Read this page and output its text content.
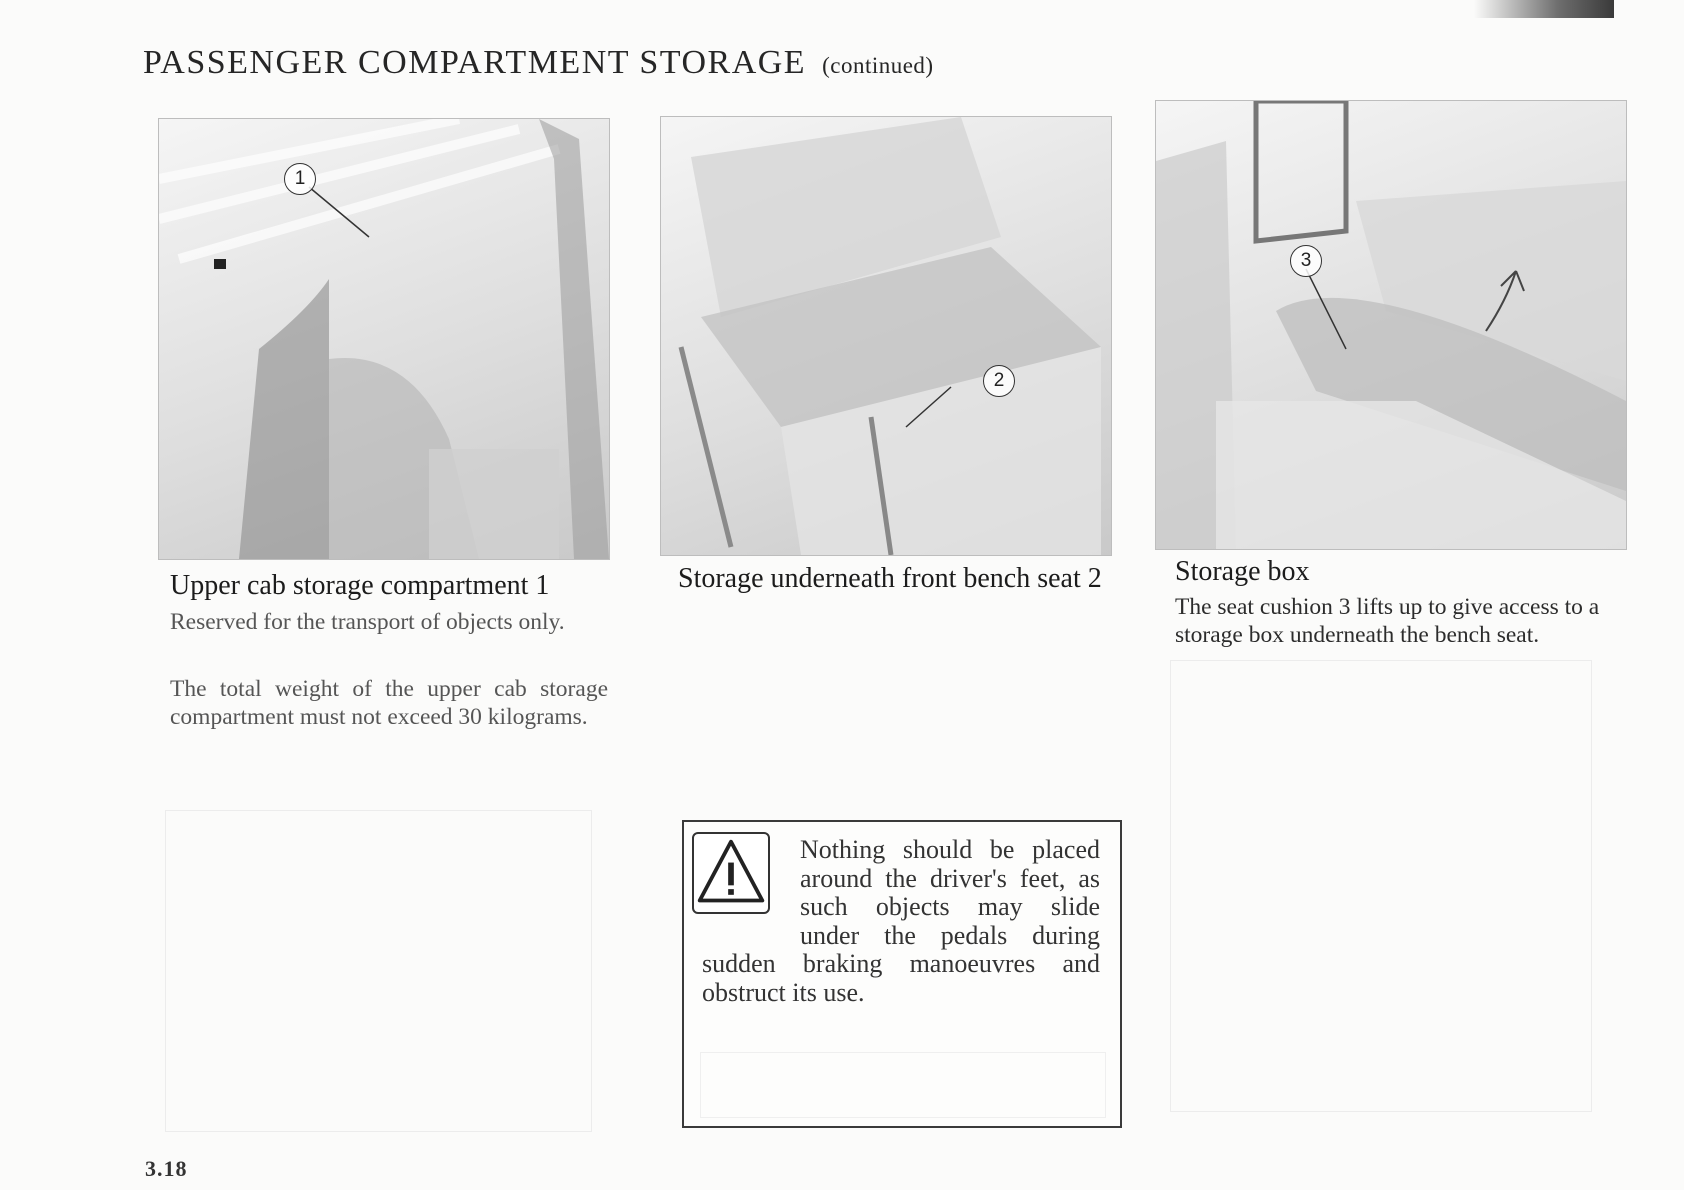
PASSENGER COMPARTMENT STORAGE (continued)
1
2
3
Upper cab storage compartment 1

Reserved for the transport of objects only.

The total weight of the upper cab storage compartment must not exceed 30 kilograms.

Storage underneath front bench seat 2	Storage box

The seat cushion 3 lifts up to give access to a storage box underneath the bench seat.

Nothing should be placed around the driver's feet, as such objects may slide under the pedals during sudden braking manoeuvres and obstruct its use.

3.18
